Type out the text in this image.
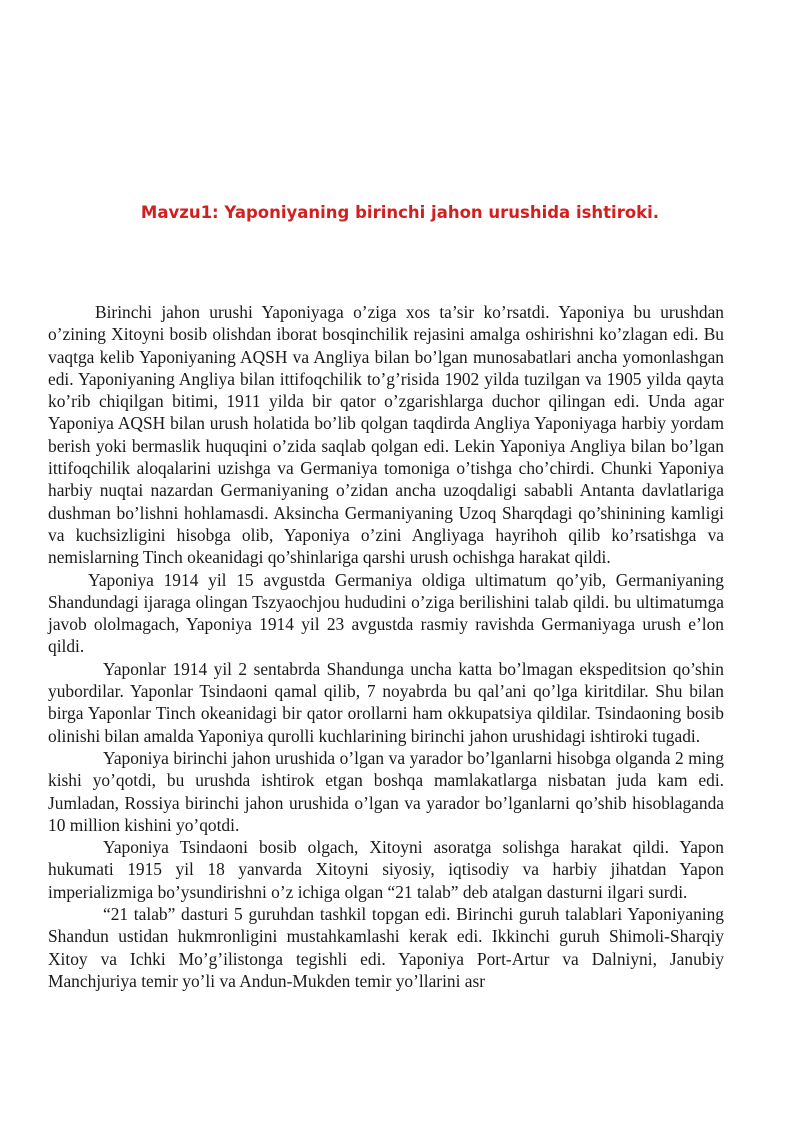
Mavzu1: Yaponiyaning birinchi jahon urushida ishtiroki.

Birinchi jahon urushi Yaponiyaga o’ziga xos ta’sir ko’rsatdi. Yaponiya bu urushdan o’zining Xitoyni bosib olishdan iborat bosqinchilik rejasini amalga oshirishni ko’zlagan edi. Bu vaqtga kelib Yaponiyaning AQSH va Angliya bilan bo’lgan munosabatlari ancha yomonlashgan edi. Yaponiyaning Angliya bilan ittifoqchilik to’g’risida 1902 yilda tuzilgan va 1905 yilda qayta ko’rib chiqilgan bitimi, 1911 yilda bir qator o’zgarishlarga duchor qilingan edi. Unda agar Yaponiya AQSH bilan urush holatida bo’lib qolgan taqdirda Angliya Yaponiyaga harbiy yordam berish yoki bermaslik huquqini o’zida saqlab qolgan edi. Lekin Yaponiya Angliya bilan bo’lgan ittifoqchilik aloqalarini uzishga va Germaniya tomoniga o’tishga cho’chirdi. Chunki Yaponiya harbiy nuqtai nazardan Germaniyaning o’zidan ancha uzoqdaligi sababli Antanta davlatlariga dushman bo’lishni hohlamasdi. Aksincha Germaniyaning Uzoq Sharqdagi qo’shinining kamligi va kuchsizligini hisobga olib, Yaponiya o’zini Angliyaga hayrihoh qilib ko’rsatishga va nemislarning Tinch okeanidagi qo’shinlariga qarshi urush ochishga harakat qildi.

Yaponiya 1914 yil 15 avgustda Germaniya oldiga ultimatum qo’yib, Germaniyaning Shandundagi ijaraga olingan Tszyaochjou hududini o’ziga berilishini talab qildi. bu ultimatumga javob ololmagach, Yaponiya 1914 yil 23 avgustda rasmiy ravishda Germaniyaga urush e’lon qildi.

Yaponlar 1914 yil 2 sentabrda Shandunga uncha katta bo’lmagan ekspeditsion qo’shin yubordilar. Yaponlar Tsindaoni qamal qilib, 7 noyabrda bu qal’ani qo’lga kiritdilar. Shu bilan birga Yaponlar Tinch okeanidagi bir qator orollarni ham okkupatsiya qildilar. Tsindaoning bosib olinishi bilan amalda Yaponiya qurolli kuchlarining birinchi jahon urushidagi ishtiroki tugadi.

Yaponiya birinchi jahon urushida o’lgan va yarador bo’lganlarni hisobga olganda 2 ming kishi yo’qotdi, bu urushda ishtirok etgan boshqa mamlakatlarga nisbatan juda kam edi. Jumladan, Rossiya birinchi jahon urushida o’lgan va yarador bo’lganlarni qo’shib hisoblaganda 10 million kishini yo’qotdi.

Yaponiya Tsindaoni bosib olgach, Xitoyni asoratga solishga harakat qildi. Yapon hukumati 1915 yil 18 yanvarda Xitoyni siyosiy, iqtisodiy va harbiy jihatdan Yapon imperializmiga bo’ysundirishni o’z ichiga olgan “21 talab” deb atalgan dasturni ilgari surdi.

“21 talab” dasturi 5 guruhdan tashkil topgan edi. Birinchi guruh talablari Yaponiyaning Shandun ustidan hukmronligini mustahkamlashi kerak edi. Ikkinchi guruh Shimoli-Sharqiy Xitoy va Ichki Mo’g’ilistonga tegishli edi. Yaponiya Port-Artur va Dalniyni, Janubiy Manchjuriya temir yo’li va Andun-Mukden temir yo’llarini asr
